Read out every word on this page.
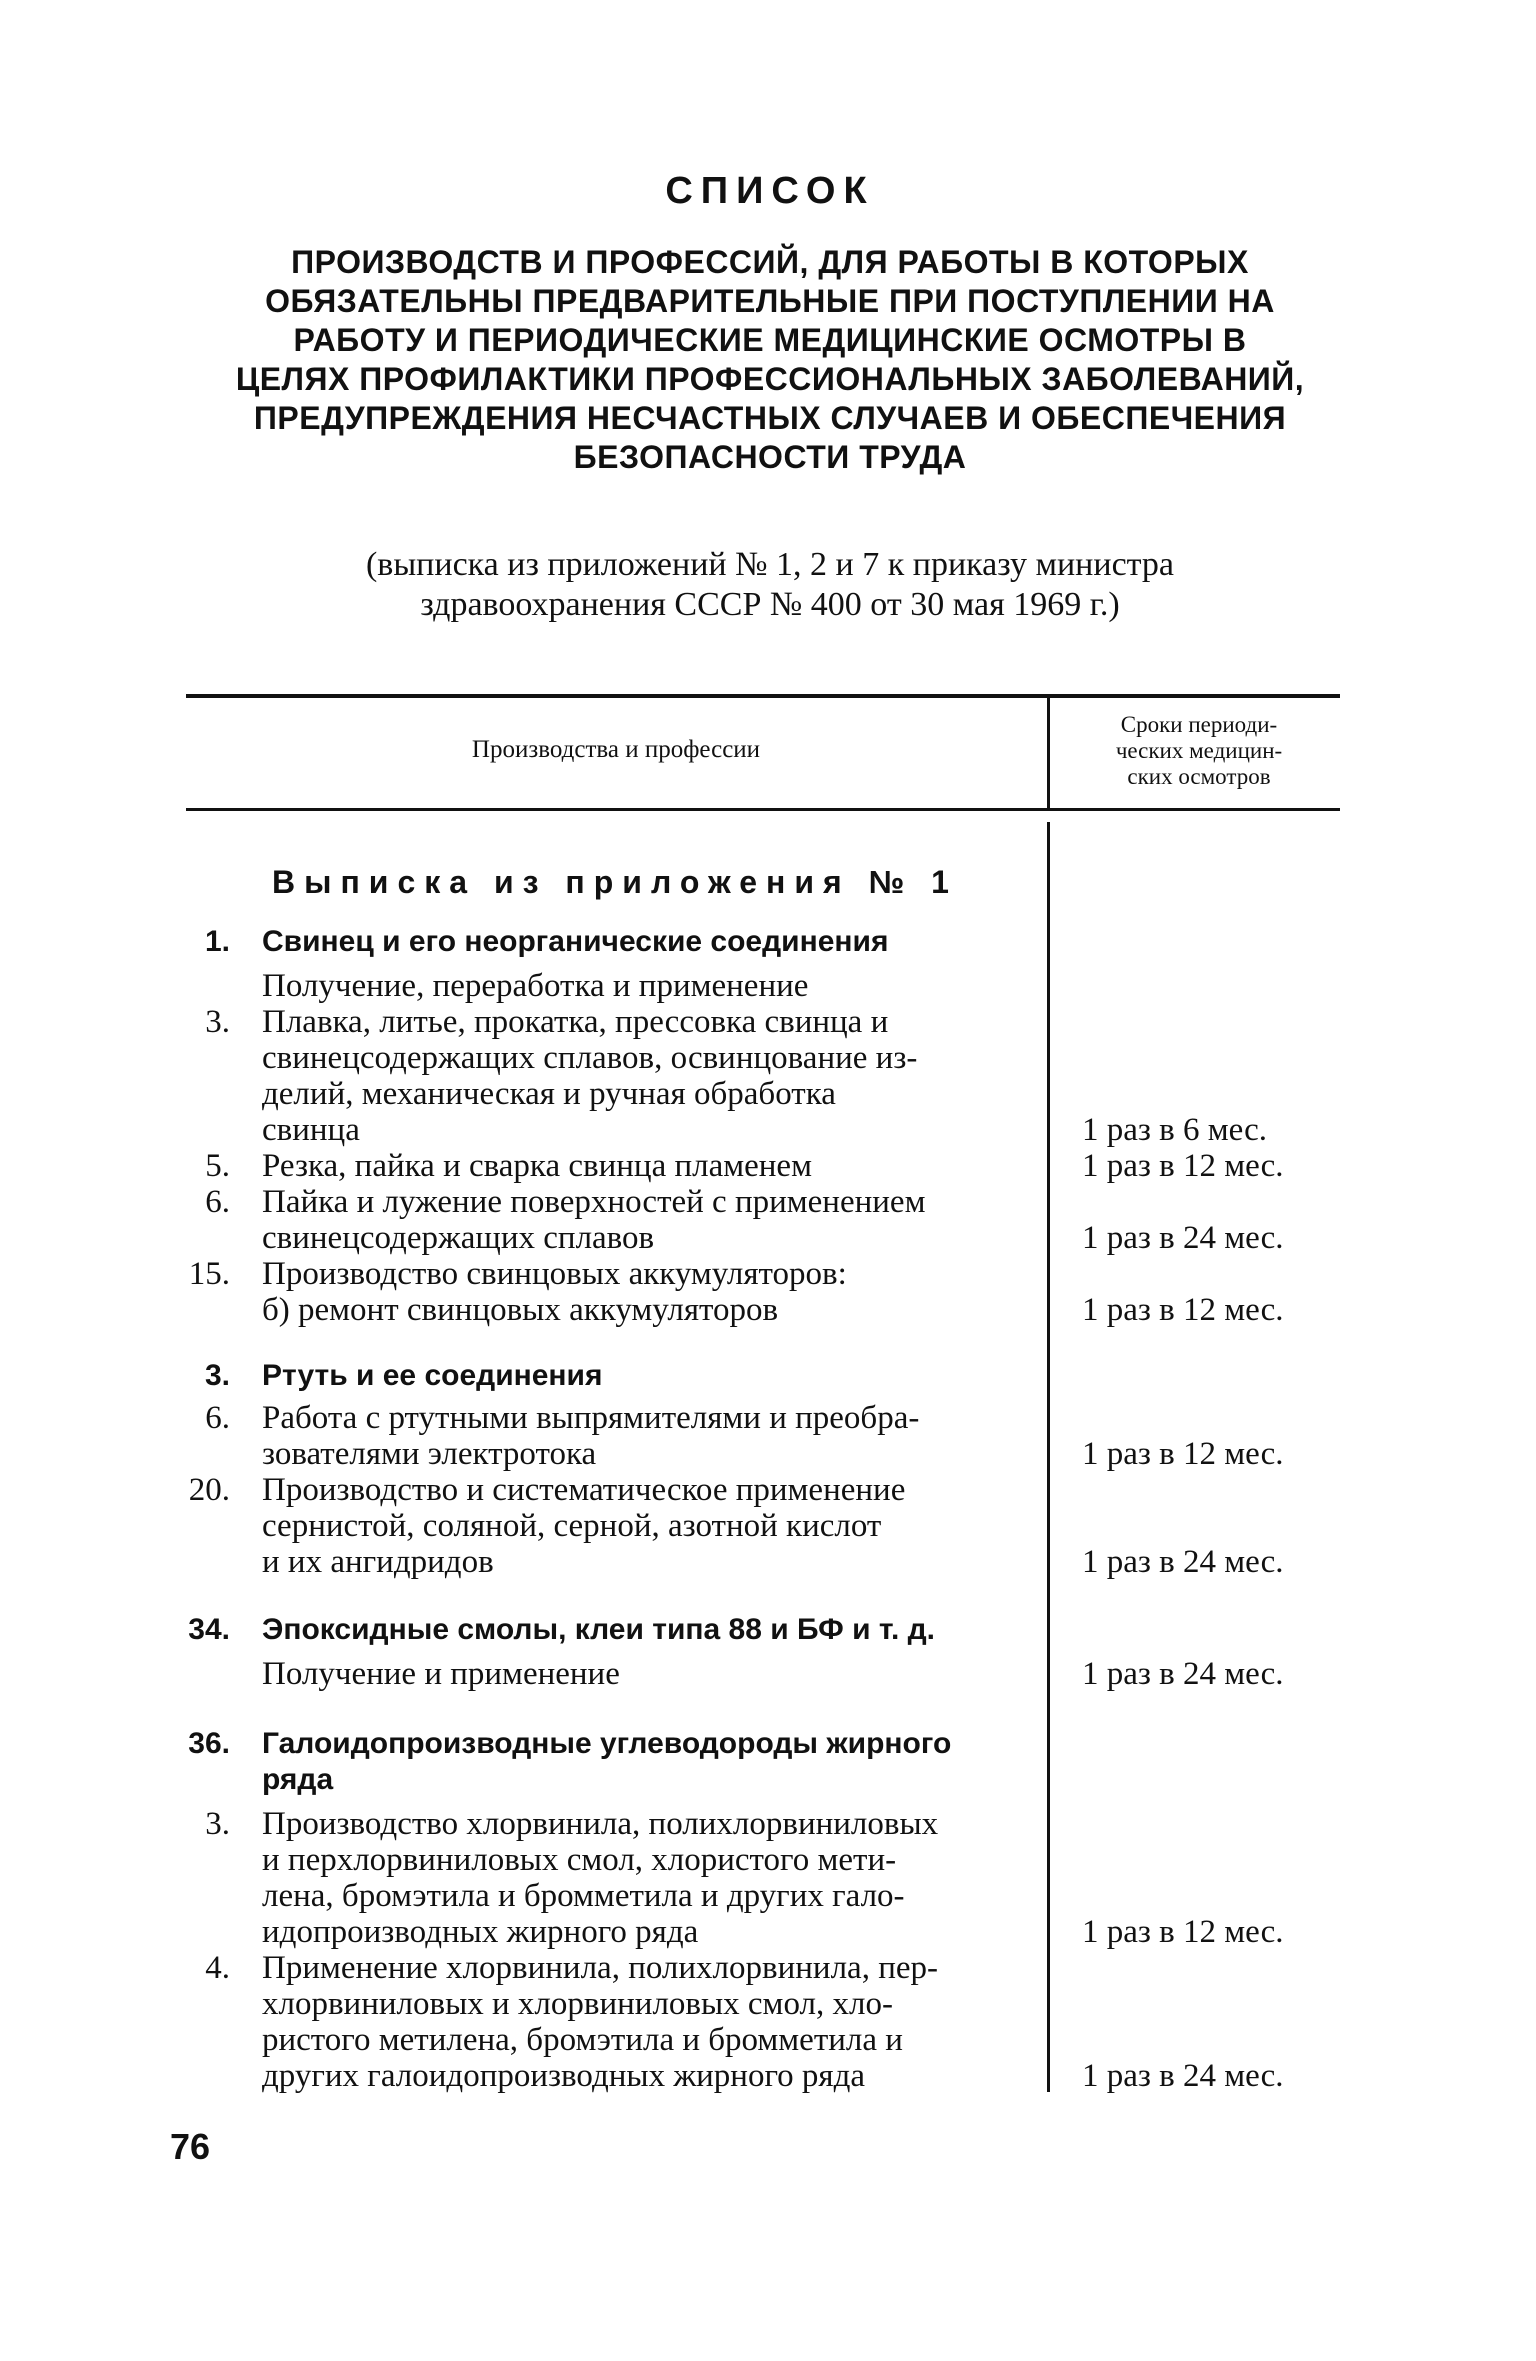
СПИСОК
ПРОИЗВОДСТВ И ПРОФЕССИЙ, ДЛЯ РАБОТЫ В КОТОРЫХ
ОБЯЗАТЕЛЬНЫ ПРЕДВАРИТЕЛЬНЫЕ ПРИ ПОСТУПЛЕНИИ НА
РАБОТУ И ПЕРИОДИЧЕСКИЕ МЕДИЦИНСКИЕ ОСМОТРЫ В
ЦЕЛЯХ ПРОФИЛАКТИКИ ПРОФЕССИОНАЛЬНЫХ ЗАБОЛЕВАНИЙ,
ПРЕДУПРЕЖДЕНИЯ НЕСЧАСТНЫХ СЛУЧАЕВ И ОБЕСПЕЧЕНИЯ
БЕЗОПАСНОСТИ ТРУДА
(выписка из приложений № 1, 2 и 7 к приказу министра
здравоохранения СССР № 400 от 30 мая 1969 г.)
Производства и профессии
Сроки периоди-
ческих медицин-
ских осмотров
Выписка из приложения № 1
1. Свинец и его неорганические соединения
Получение, переработка и применение
3. Плавка, литье, прокатка, прессовка свинца и
свинецсодержащих сплавов, освинцование из-
делий, механическая и ручная обработка
свинца	1 раз в 6 мес.
5. Резка, пайка и сварка свинца пламенем	1 раз в 12 мес.
6. Пайка и лужение поверхностей с применением
свинецсодержащих сплавов	1 раз в 24 мес.
15. Производство свинцовых аккумуляторов:
б) ремонт свинцовых аккумуляторов	1 раз в 12 мес.
3. Ртуть и ее соединения
6. Работа с ртутными выпрямителями и преобра-
зователями электротока	1 раз в 12 мес.
20. Производство и систематическое применение
сернистой, соляной, серной, азотной кислот
и их ангидридов	1 раз в 24 мес.
34. Эпоксидные смолы, клеи типа 88 и БФ и т. д.
Получение и применение	1 раз в 24 мес.
36. Галоидопроизводные углеводороды жирного
ряда
3. Производство хлорвинила, полихлорвиниловых
и перхлорвиниловых смол, хлористого мети-
лена, бромэтила и бромметила и других гало-
идопроизводных жирного ряда	1 раз в 12 мес.
4. Применение хлорвинила, полихлорвинила, пер-
хлорвиниловых и хлорвиниловых смол, хло-
ристого метилена, бромэтила и бромметила и
других галоидопроизводных жирного ряда	1 раз в 24 мес.
76
